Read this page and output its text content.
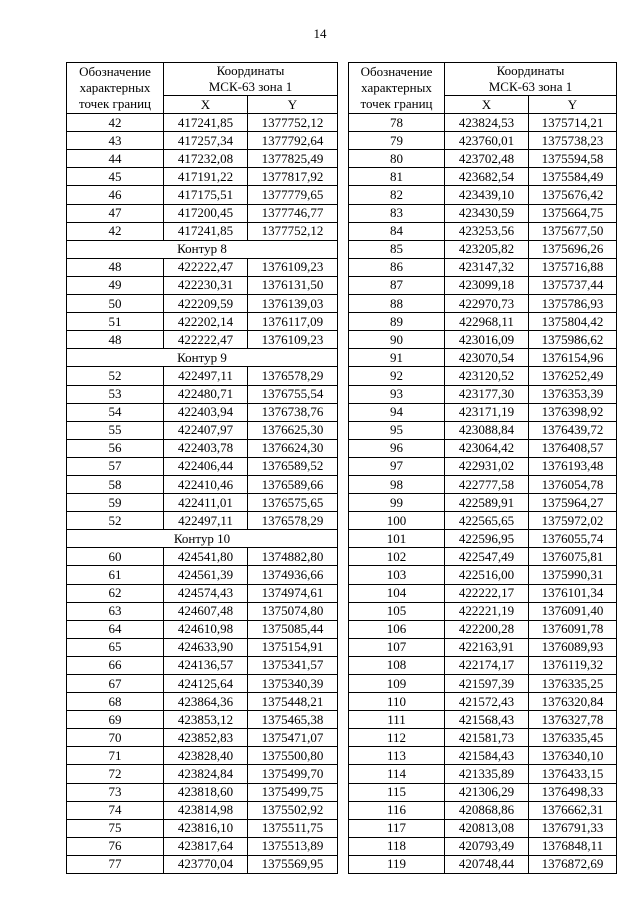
14
Обозначение
характерных
точек границ	Координаты
МСК-63 зона 1	
	X	Y
42	417241,85	1377752,12
43	417257,34	1377792,64
44	417232,08	1377825,49
45	417191,22	1377817,92
46	417175,51	1377779,65
47	417200,45	1377746,77
42	417241,85	1377752,12
Контур 8		
48	422222,47	1376109,23
49	422230,31	1376131,50
50	422209,59	1376139,03
51	422202,14	1376117,09
48	422222,47	1376109,23
Контур 9		
52	422497,11	1376578,29
53	422480,71	1376755,54
54	422403,94	1376738,76
55	422407,97	1376625,30
56	422403,78	1376624,30
57	422406,44	1376589,52
58	422410,46	1376589,66
59	422411,01	1376575,65
52	422497,11	1376578,29
Контур 10		
60	424541,80	1374882,80
61	424561,39	1374936,66
62	424574,43	1374974,61
63	424607,48	1375074,80
64	424610,98	1375085,44
65	424633,90	1375154,91
66	424136,57	1375341,57
67	424125,64	1375340,39
68	423864,36	1375448,21
69	423853,12	1375465,38
70	423852,83	1375471,07
71	423828,40	1375500,80
72	423824,84	1375499,70
73	423818,60	1375499,75
74	423814,98	1375502,92
75	423816,10	1375511,75
76	423817,64	1375513,89
77	423770,04	1375569,95
Обозначение
характерных
точек границ	Координаты
МСК-63 зона 1	
	X	Y
78	423824,53	1375714,21
79	423760,01	1375738,23
80	423702,48	1375594,58
81	423682,54	1375584,49
82	423439,10	1375676,42
83	423430,59	1375664,75
84	423253,56	1375677,50
85	423205,82	1375696,26
86	423147,32	1375716,88
87	423099,18	1375737,44
88	422970,73	1375786,93
89	422968,11	1375804,42
90	423016,09	1375986,62
91	423070,54	1376154,96
92	423120,52	1376252,49
93	423177,30	1376353,39
94	423171,19	1376398,92
95	423088,84	1376439,72
96	423064,42	1376408,57
97	422931,02	1376193,48
98	422777,58	1376054,78
99	422589,91	1375964,27
100	422565,65	1375972,02
101	422596,95	1376055,74
102	422547,49	1376075,81
103	422516,00	1375990,31
104	422222,17	1376101,34
105	422221,19	1376091,40
106	422200,28	1376091,78
107	422163,91	1376089,93
108	422174,17	1376119,32
109	421597,39	1376335,25
110	421572,43	1376320,84
111	421568,43	1376327,78
112	421581,73	1376335,45
113	421584,43	1376340,10
114	421335,89	1376433,15
115	421306,29	1376498,33
116	420868,86	1376662,31
117	420813,08	1376791,33
118	420793,49	1376848,11
119	420748,44	1376872,69
